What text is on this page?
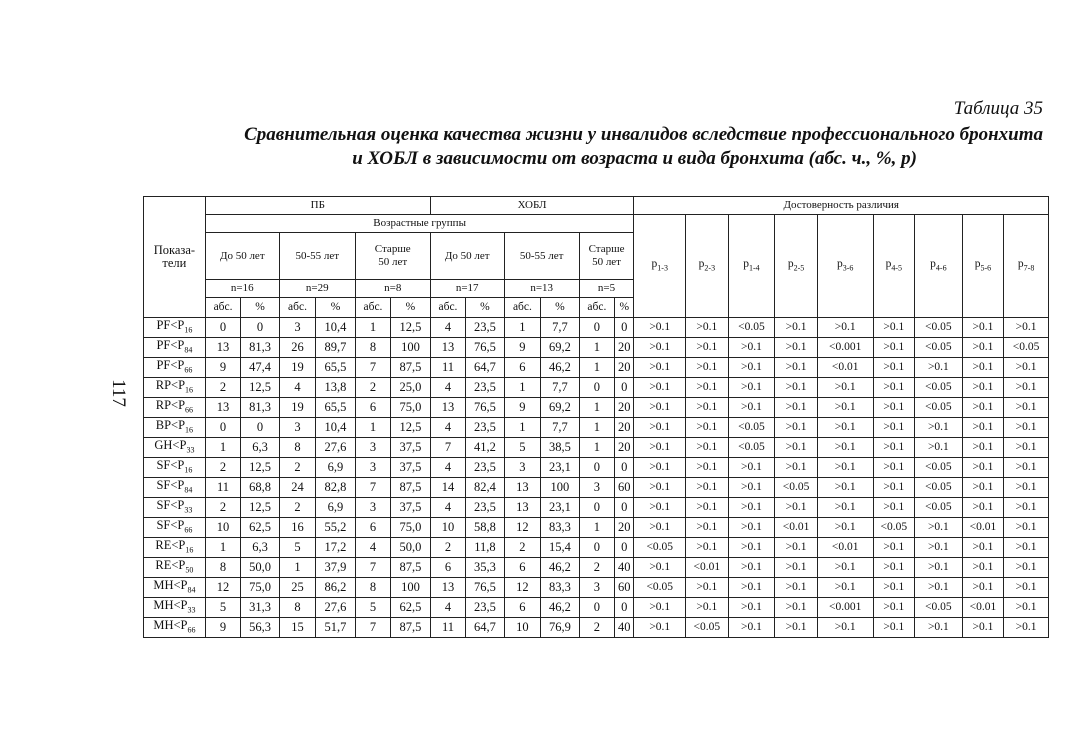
Таблица 35
Сравнительная оценка качества жизни у инвалидов вследствие профессионального бронхита
и ХОБЛ в зависимости от возраста и вида бронхита (абс. ч., %, р)
117
Показа-
тели	ПБ						ХОБЛ						Достоверность различия								
	Возрастные группы												$p_{1-3}$	$p_{2-3}$	$p_{1-4}$	$p_{2-5}$	$p_{3-6}$	$p_{4-5}$	$p_{4-6}$	$p_{5-6}$	$p_{7-8}$
	До 50 лет		50-55 лет		Старше
50 лет		До 50 лет		50-55 лет		Старше
50 лет										
	n=16		n=29		n=8		n=17		n=13		n=5										
	абс.	%	абс.	%	абс.	%	абс.	%	абс.	%	абс.	%									
$PF<P_{16}$	0	0	3	10,4	1	12,5	4	23,5	1	7,7	0	0	>0.1	>0.1	<0.05	>0.1	>0.1	>0.1	<0.05	>0.1	>0.1
$PF<P_{84}$	13	81,3	26	89,7	8	100	13	76,5	9	69,2	1	20	>0.1	>0.1	>0.1	>0.1	<0.001	>0.1	<0.05	>0.1	<0.05
$PF<P_{66}$	9	47,4	19	65,5	7	87,5	11	64,7	6	46,2	1	20	>0.1	>0.1	>0.1	>0.1	<0.01	>0.1	>0.1	>0.1	>0.1
$RP<P_{16}$	2	12,5	4	13,8	2	25,0	4	23,5	1	7,7	0	0	>0.1	>0.1	>0.1	>0.1	>0.1	>0.1	<0.05	>0.1	>0.1
$RP<P_{66}$	13	81,3	19	65,5	6	75,0	13	76,5	9	69,2	1	20	>0.1	>0.1	>0.1	>0.1	>0.1	>0.1	<0.05	>0.1	>0.1
$BP<P_{16}$	0	0	3	10,4	1	12,5	4	23,5	1	7,7	1	20	>0.1	>0.1	<0.05	>0.1	>0.1	>0.1	>0.1	>0.1	>0.1
$GH<P_{33}$	1	6,3	8	27,6	3	37,5	7	41,2	5	38,5	1	20	>0.1	>0.1	<0.05	>0.1	>0.1	>0.1	>0.1	>0.1	>0.1
$SF<P_{16}$	2	12,5	2	6,9	3	37,5	4	23,5	3	23,1	0	0	>0.1	>0.1	>0.1	>0.1	>0.1	>0.1	<0.05	>0.1	>0.1
$SF<P_{84}$	11	68,8	24	82,8	7	87,5	14	82,4	13	100	3	60	>0.1	>0.1	>0.1	<0.05	>0.1	>0.1	<0.05	>0.1	>0.1
$SF<P_{33}$	2	12,5	2	6,9	3	37,5	4	23,5	13	23,1	0	0	>0.1	>0.1	>0.1	>0.1	>0.1	>0.1	<0.05	>0.1	>0.1
$SF<P_{66}$	10	62,5	16	55,2	6	75,0	10	58,8	12	83,3	1	20	>0.1	>0.1	>0.1	<0.01	>0.1	<0.05	>0.1	<0.01	>0.1
$RE<P_{16}$	1	6,3	5	17,2	4	50,0	2	11,8	2	15,4	0	0	<0.05	>0.1	>0.1	>0.1	<0.01	>0.1	>0.1	>0.1	>0.1
$RE<P_{50}$	8	50,0	1	37,9	7	87,5	6	35,3	6	46,2	2	40	>0.1	<0.01	>0.1	>0.1	>0.1	>0.1	>0.1	>0.1	>0.1
$MH<P_{84}$	12	75,0	25	86,2	8	100	13	76,5	12	83,3	3	60	<0.05	>0.1	>0.1	>0.1	>0.1	>0.1	>0.1	>0.1	>0.1
$MH<P_{33}$	5	31,3	8	27,6	5	62,5	4	23,5	6	46,2	0	0	>0.1	>0.1	>0.1	>0.1	<0.001	>0.1	<0.05	<0.01	>0.1
$MH<P_{66}$	9	56,3	15	51,7	7	87,5	11	64,7	10	76,9	2	40	>0.1	<0.05	>0.1	>0.1	>0.1	>0.1	>0.1	>0.1	>0.1
